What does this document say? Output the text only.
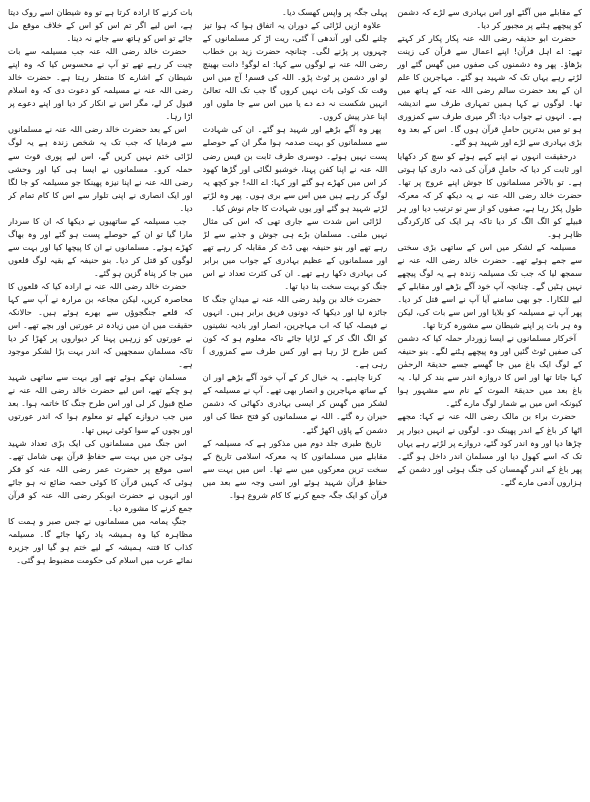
کے مقابلے میں آگئے اور اس بہادری سے لڑے کہ دشمن کو پیچھے ہٹنے پر مجبور کر دیا۔

حضرت ابو حذیفہ رضی اللہ عنہ پکار پکار کر کہتے تھے: اے اہل قرآن! اپنے اعمال سے قرآن کی زینت بڑھاؤ۔ پھر وہ دشمنوں کی صفوں میں گھس گئے اور لڑتے رہے یہاں تک کہ شہید ہو گئے۔ مہاجرین کا علم ان کے بعد حضرت سالم رضی اللہ عنہ کے ہاتھ میں تھا۔ لوگوں نے کہا ہمیں تمہاری طرف سے اندیشہ ہے۔ انہوں نے جواب دیا: اگر میری طرف سے کمزوری ہو تو میں بدترین حاملِ قرآن ہوں گا۔ اس کے بعد وہ بڑی بہادری سے لڑے اور شہید ہو گئے۔

درحقیقت انہوں نے اپنے کہے ہوئے کو سچ کر دکھایا اور ثابت کر دیا کہ حاملِ قرآن کی ذمہ داری کیا ہوتی ہے۔ تو بالآخر مسلمانوں کا جوش اپنے عروج پر تھا۔ حضرت خالد رضی اللہ عنہ نے یہ دیکھ کر کہ معرکہ طول پکڑ رہا ہے، صفوں کو از سرِ نو ترتیب دیا اور ہر قبیلے کو الگ الگ کر دیا تاکہ ہر ایک کی کارکردگی ظاہر ہو۔

مسیلمہ کے لشکر میں اس کے ساتھی بڑی سختی سے جمے ہوئے تھے۔ حضرت خالد رضی اللہ عنہ نے سمجھ لیا کہ جب تک مسیلمہ زندہ ہے یہ لوگ پیچھے نہیں ہٹیں گے۔ چنانچہ آپ خود آگے بڑھے اور مقابلے کے لیے للکارا۔ جو بھی سامنے آیا آپ نے اسے قتل کر دیا۔ پھر آپ نے مسیلمہ کو بلایا اور اس سے بات کی، لیکن وہ ہر بات پر اپنے شیطان سے مشورہ کرتا تھا۔

آخرکار مسلمانوں نے ایسا زوردار حملہ کیا کہ دشمن کی صفیں ٹوٹ گئیں اور وہ پیچھے ہٹنے لگے۔ بنو حنیفہ کے لوگ ایک باغ میں جا گھسے جسے حدیقۃ الرحمٰن کہا جاتا تھا اور اس کا دروازہ اندر سے بند کر لیا۔ یہ باغ بعد میں حدیقۃ الموت کے نام سے مشہور ہوا کیونکہ اس میں بے شمار لوگ مارے گئے۔

حضرت براء بن مالک رضی اللہ عنہ نے کہا: مجھے اٹھا کر باغ کے اندر پھینک دو۔ لوگوں نے انہیں دیوار پر چڑھا دیا اور وہ اندر کود گئے، دروازے پر لڑتے رہے یہاں تک کہ اسے کھول دیا اور مسلمان اندر داخل ہو گئے۔ پھر باغ کے اندر گھمسان کی جنگ ہوئی اور دشمن کے ہزاروں آدمی مارے گئے۔

پہلی جگہ پر واپس کھسک دیا۔

علاوہ ازیں لڑائی کے دوران یہ اتفاق ہوا کہ ہوا تیز چلنے لگی اور آندھی آ گئی، ریت اڑ کر مسلمانوں کے چہروں پر پڑنے لگی۔ چنانچہ حضرت زید بن خطاب رضی اللہ عنہ نے لوگوں سے کہا: اے لوگو! دانت بھینچ لو اور دشمن پر ٹوٹ پڑو۔ اللہ کی قسم! آج میں اس وقت تک کوئی بات نہیں کروں گا جب تک اللہ تعالیٰ انہیں شکست نہ دے دے یا میں اس سے جا ملوں اور اپنا عذر پیش کروں۔

پھر وہ آگے بڑھے اور شہید ہو گئے۔ ان کی شہادت سے مسلمانوں کو بہت صدمہ ہوا مگر ان کے حوصلے پست نہیں ہوئے۔ دوسری طرف ثابت بن قیس رضی اللہ عنہ نے اپنا کفن پہنا، خوشبو لگائی اور گڑھا کھود کر اس میں کھڑے ہو گئے اور کہا: اے اللہ! جو کچھ یہ لوگ کر رہے ہیں میں اس سے بری ہوں۔ پھر وہ لڑتے لڑتے شہید ہو گئے اور یوں شہادت کا جام نوش کیا۔

لڑائی اس شدت سے جاری تھی کہ اس کی مثال نہیں ملتی۔ مسلمان بڑے ہی جوش و جذبے سے لڑ رہے تھے اور بنو حنیفہ بھی ڈٹ کر مقابلہ کر رہے تھے اور مسلمانوں کے عظیم بہادری کے جواب میں برابر کی بہادری دکھا رہے تھے۔ ان کی کثرت تعداد نے اس جنگ کو بہت سخت بنا دیا تھا۔

حضرت خالد بن ولید رضی اللہ عنہ نے میدانِ جنگ کا جائزہ لیا اور دیکھا کہ دونوں فریق برابر ہیں۔ انہوں نے فیصلہ کیا کہ اب مہاجرین، انصار اور بادیہ نشینوں کو الگ الگ کر کے لڑایا جائے تاکہ معلوم ہو کہ کون کس طرح لڑ رہا ہے اور کس طرف سے کمزوری آ رہی ہے۔

کرنا چاہیے۔ یہ خیال کر کے آپ خود آگے بڑھے اور ان کے ساتھ مہاجرین و انصار بھی تھے۔ آپ نے مسیلمہ کے لشکر میں گھس کر ایسی بہادری دکھائی کہ دشمن حیران رہ گئے۔ اللہ نے مسلمانوں کو فتح عطا کی اور دشمن کے پاؤں اکھڑ گئے۔

تاریخ طبری جلد دوم میں مذکور ہے کہ مسیلمہ کے مقابلے میں مسلمانوں کا یہ معرکہ اسلامی تاریخ کے سخت ترین معرکوں میں سے تھا۔ اس میں بہت سے حفاظِ قرآن شہید ہوئے اور اسی وجہ سے بعد میں قرآن کو ایک جگہ جمع کرنے کا کام شروع ہوا۔

بات کرنے کا ارادہ کرتا ہے تو وہ شیطان اسے روک دیتا ہے، اس لیے اگر تم اس کو اس کے خلاف موقع مل جائے تو اس کو ہاتھ سے جانے نہ دینا۔

حضرت خالد رضی اللہ عنہ جب مسیلمہ سے بات چیت کر رہے تھے تو آپ نے محسوس کیا کہ وہ اپنے شیطان کے اشارے کا منتظر رہتا ہے۔ حضرت خالد رضی اللہ عنہ نے مسیلمہ کو دعوت دی کہ وہ اسلام قبول کر لے، مگر اس نے انکار کر دیا اور اپنے دعوے پر اڑا رہا۔

اس کے بعد حضرت خالد رضی اللہ عنہ نے مسلمانوں سے فرمایا کہ جب تک یہ شخص زندہ ہے یہ لوگ لڑائی ختم نہیں کریں گے، اس لیے پوری قوت سے حملہ کرو۔ مسلمانوں نے ایسا ہی کیا اور وحشی رضی اللہ عنہ نے اپنا نیزہ پھینکا جو مسیلمہ کو جا لگا اور ایک انصاری نے اپنی تلوار سے اس کا کام تمام کر دیا۔

جب مسیلمہ کے ساتھیوں نے دیکھا کہ ان کا سردار مارا گیا تو ان کے حوصلے پست ہو گئے اور وہ بھاگ کھڑے ہوئے۔ مسلمانوں نے ان کا پیچھا کیا اور بہت سے لوگوں کو قتل کر دیا۔ بنو حنیفہ کے بقیہ لوگ قلعوں میں جا کر پناہ گزین ہو گئے۔

حضرت خالد رضی اللہ عنہ نے ارادہ کیا کہ قلعوں کا محاصرہ کریں، لیکن مجاعہ بن مرارہ نے آپ سے کہا کہ قلعے جنگجوؤں سے بھرے ہوئے ہیں۔ حالانکہ حقیقت میں ان میں زیادہ تر عورتیں اور بچے تھے۔ اس نے عورتوں کو زرہیں پہنا کر دیواروں پر کھڑا کر دیا تاکہ مسلمان سمجھیں کہ اندر بہت بڑا لشکر موجود ہے۔

مسلمان تھکے ہوئے تھے اور بہت سے ساتھی شہید ہو چکے تھے، اس لیے حضرت خالد رضی اللہ عنہ نے صلح قبول کر لی اور اس طرح جنگ کا خاتمہ ہوا۔ بعد میں جب دروازے کھلے تو معلوم ہوا کہ اندر عورتوں اور بچوں کے سوا کوئی نہیں تھا۔

اس جنگ میں مسلمانوں کی ایک بڑی تعداد شہید ہوئی جن میں بہت سے حفاظِ قرآن بھی شامل تھے۔ اسی موقع پر حضرت عمر رضی اللہ عنہ کو فکر ہوئی کہ کہیں قرآن کا کوئی حصہ ضائع نہ ہو جائے اور انہوں نے حضرت ابوبکر رضی اللہ عنہ کو قرآن جمع کرنے کا مشورہ دیا۔

جنگِ یمامہ میں مسلمانوں نے جس صبر و ہمت کا مظاہرہ کیا وہ ہمیشہ یاد رکھا جائے گا۔ مسیلمہ کذاب کا فتنہ ہمیشہ کے لیے ختم ہو گیا اور جزیرہ نمائے عرب میں اسلام کی حکومت مضبوط ہو گئی۔
